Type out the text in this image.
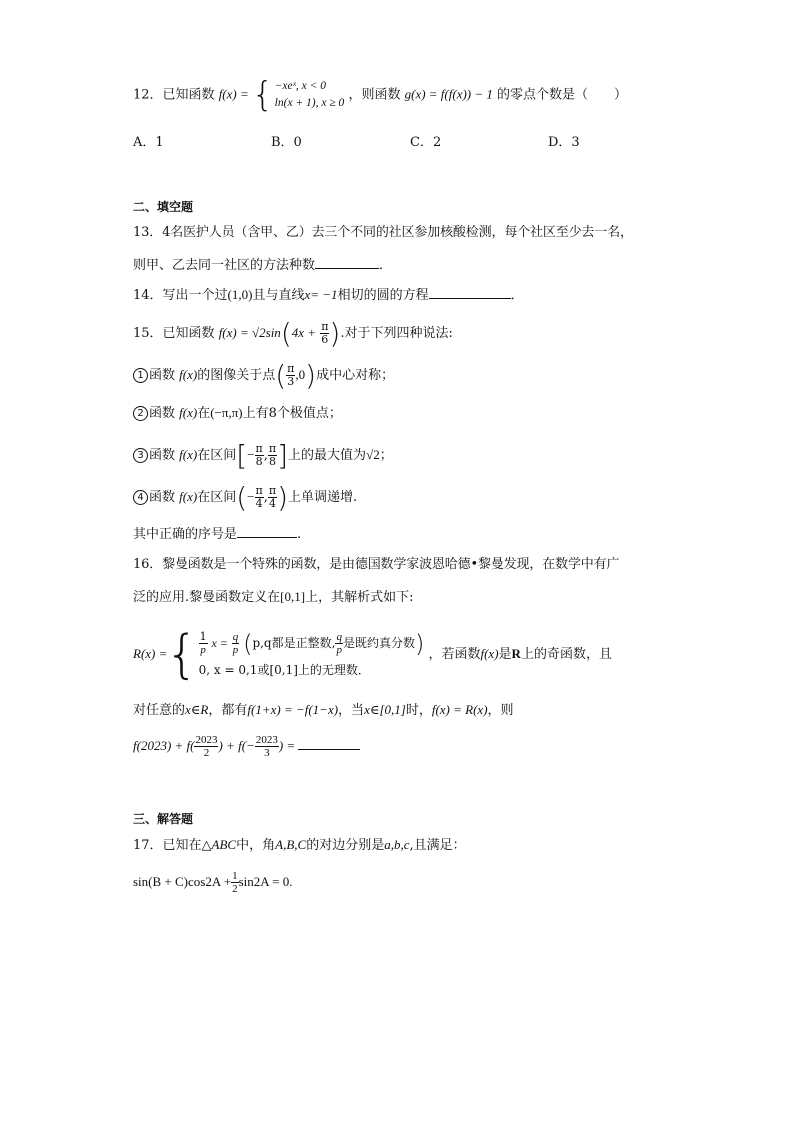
12．已知函数 f(x) = { −xeˣ, x < 0
ln(x + 1), x ≥ 0
，则函数 g(x) = f(f(x)) − 1 的零点个数是（　　）
A．1	B．0	C．2	D．3
二、填空题
13．4名医护人员（含甲、乙）去三个不同的社区参加核酸检测，每个社区至少去一名，
则甲、乙去同一社区的方法种数	．
14．写出一个过(1,0)且与直线x= −1相切的圆的方程	．
15．已知函数 $f(x) = √2\sin(4x + \frac{\pi}{6}$ ).对于下列四种说法:
1 函数 f(x)的图像关于点( $\frac{\pi}{3} ,0$)成中心对称；
2 函数 f(x)在(−π,π)上有8个极值点；
3 函数 f(x)在区间[− $\frac{\pi}{8}$ , $\frac{\pi}{8}$ ]上的最大值为√2；
4 函数 f(x)在区间(− $\frac{\pi}{4}$ , $\frac{\pi}{4}$ )上单调递增.
其中正确的序号是	.
16．黎曼函数是一个特殊的函数，是由德国数学家波恩哈德•黎曼发现，在数学中有广
泛的应用.黎曼函数定义在[0,1]上，其解析式如下:
R(x) ={ $\frac{1}{p}$ $x = \frac{q}{p} (p,q$都是正整数, $\frac{q}{p}$ 是既约真分数)
0, x = 0,1或[0,1]上的无理数．
，若函数f(x)是R上的奇函数，且
对任意的x∈R，都有f(1+x) = −f(1−x)，当x∈[0,1]时，f(x) = R(x)，则
$f(2023) + f( \frac{2023}{2}$ ) + $f(- \frac{2023}{3}$ ) =
三、解答题
17．已知在△ABC中，角A,B,C的对边分别是a,b,c,且满足：
$\sin(B + C)\cos 2A + \frac{1}{2} \sin 2A = 0$.
